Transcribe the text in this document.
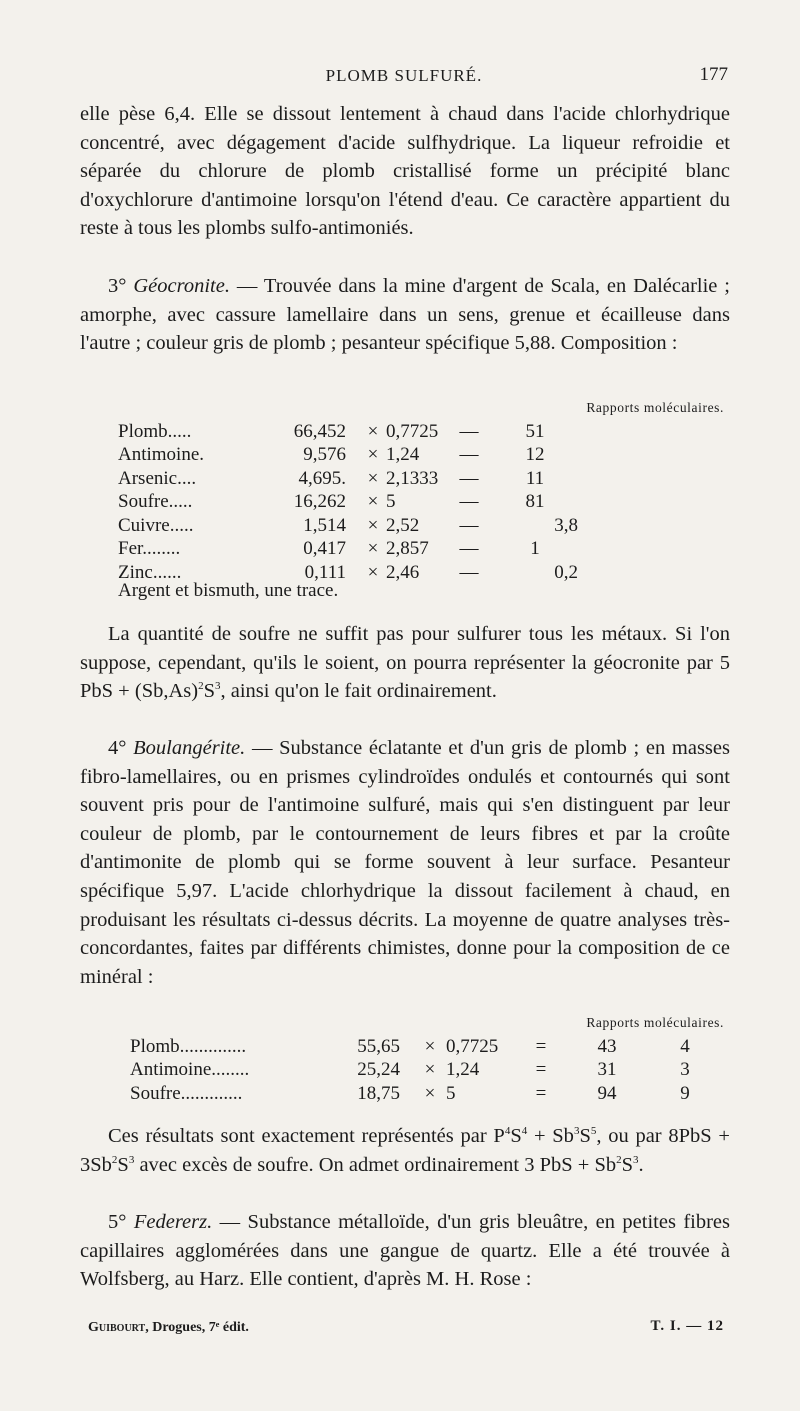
PLOMB SULFURÉ.	177

elle pèse 6,4. Elle se dissout lentement à chaud dans l'acide chlorhydrique concentré, avec dégagement d'acide sulfhydrique. La liqueur refroidie et séparée du chlorure de plomb cristallisé forme un précipité blanc d'oxychlorure d'antimoine lorsqu'on l'étend d'eau. Ce caractère appartient du reste à tous les plombs sulfo-antimoniés.

3° Géocronite. — Trouvée dans la mine d'argent de Scala, en Dalécarlie ; amorphe, avec cassure lamellaire dans un sens, grenue et écailleuse dans l'autre ; couleur gris de plomb ; pesanteur spécifique 5,88. Composition :

Rapports moléculaires.
Plomb.....	66,452	×	0,7725	—	51
Antimoine.	9,576	×	1,24	—	12
Arsenic....	4,695.	×	2,1333	—	11
Soufre.....	16,262	×	5	—	81
Cuivre.....	1,514	×	2,52	—	3,8
Fer........	0,417	×	2,857	—	1
Zinc......	0,111	×	2,46	—	0,2
Argent et bismuth, une trace.

La quantité de soufre ne suffit pas pour sulfurer tous les métaux. Si l'on suppose, cependant, qu'ils le soient, on pourra représenter la géocronite par 5 PbS + $(Sb,As)^2S^3$, ainsi qu'on le fait ordinairement.

4° Boulangérite. — Substance éclatante et d'un gris de plomb ; en masses fibro-lamellaires, ou en prismes cylindroïdes ondulés et contournés qui sont souvent pris pour de l'antimoine sulfuré, mais qui s'en distinguent par leur couleur de plomb, par le contournement de leurs fibres et par la croûte d'antimonite de plomb qui se forme souvent à leur surface. Pesanteur spécifique 5,97. L'acide chlorhydrique la dissout facilement à chaud, en produisant les résultats ci-dessus décrits. La moyenne de quatre analyses très-concordantes, faites par différents chimistes, donne pour la composition de ce minéral :

Rapports moléculaires.
Plomb..............	55,65	×	0,7725	=	43	4
Antimoine........	25,24	×	1,24	=	31	3
Soufre.............	18,75	×	5	=	94	9

Ces résultats sont exactement représentés par $P^4S^4 + Sb^3S^5$, ou par $8PbS + 3Sb^2S^3$ avec excès de soufre. On admet ordinairement 3 PbS + $Sb^2S^3$.

5° Federerz. — Substance métalloïde, d'un gris bleuâtre, en petites fibres capillaires agglomérées dans une gangue de quartz. Elle a été trouvée à Wolfsberg, au Harz. Elle contient, d'après M. H. Rose :

Guibourt, Drogues, 7ᵉ édit.	T. I. — 12
